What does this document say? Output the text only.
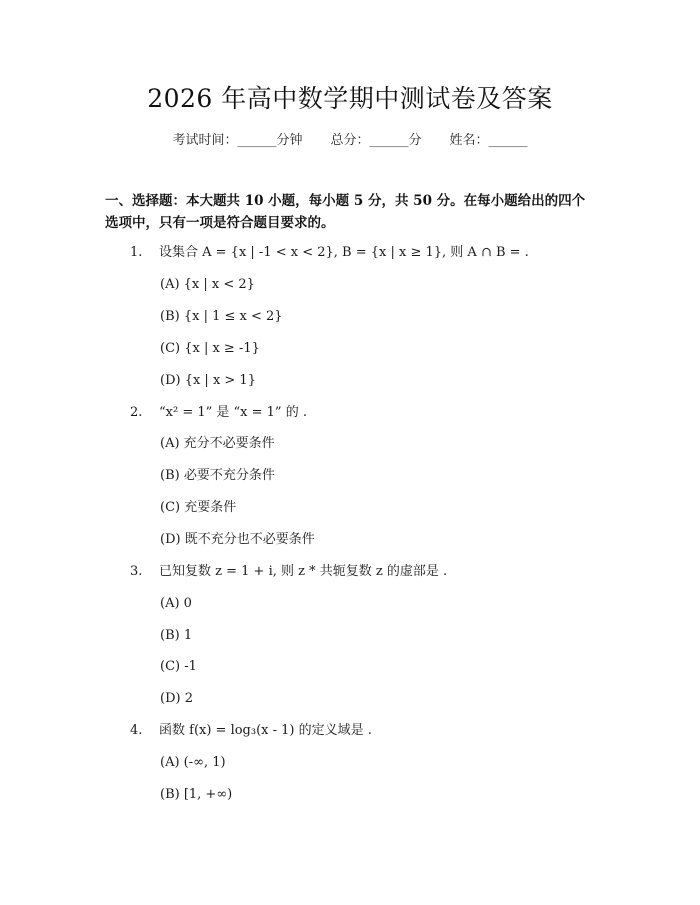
2026 年高中数学期中测试卷及答案
考试时间：______分钟 总分：______分 姓名：______
一、选择题：本大题共 10 小题，每小题 5 分，共 50 分。在每小题给出的四个选项中，只有一项是符合题目要求的。
1. 设集合 A = {x | -1 < x < 2}, B = {x | x ≥ 1}, 则 A ∩ B = .
(A) {x | x < 2}
(B) {x | 1 ≤ x < 2}
(C) {x | x ≥ -1}
(D) {x | x > 1}
2. “x² = 1” 是 “x = 1” 的 .
(A) 充分不必要条件
(B) 必要不充分条件
(C) 充要条件
(D) 既不充分也不必要条件
3. 已知复数 z = 1 + i, 则 z * 共轭复数 z 的虚部是 .
(A) 0
(B) 1
(C) -1
(D) 2
4. 函数 f(x) = log₃(x - 1) 的定义域是 .
(A) (-∞, 1)
(B) [1, +∞)
